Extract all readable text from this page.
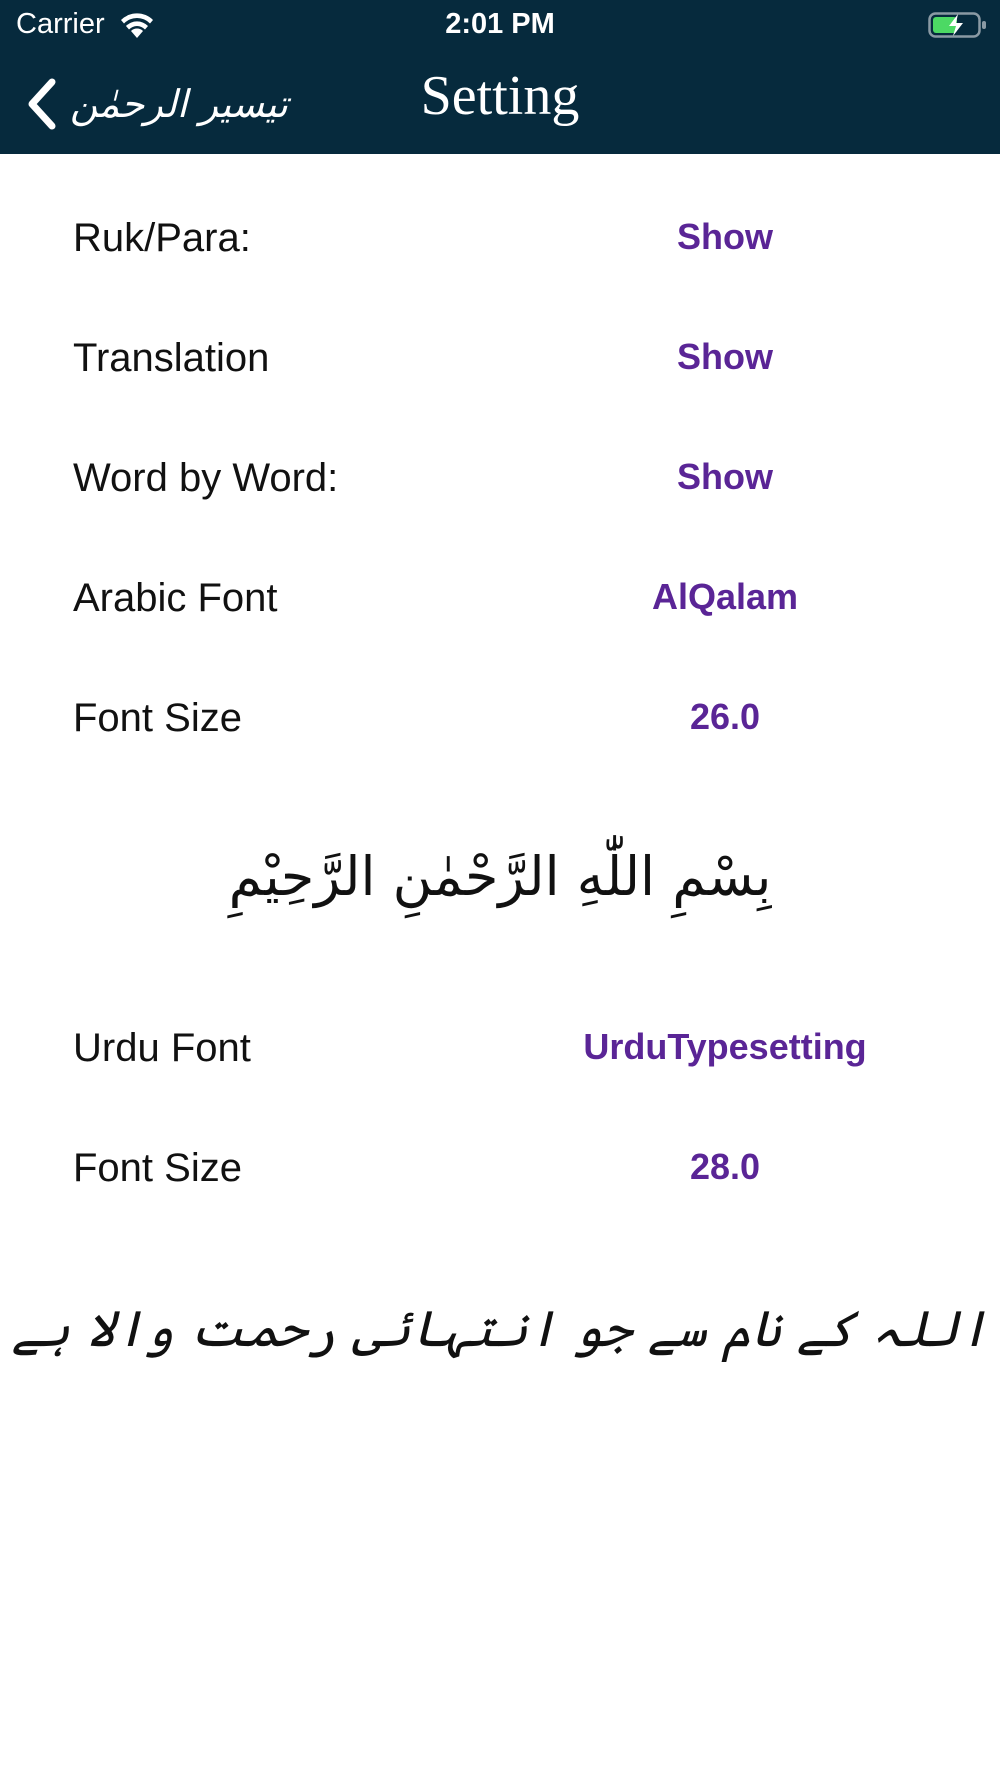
Carrier	2:01 PM
تیسیر الرحمٰن	Setting
Ruk/Para:	Show
Translation	Show
Word by Word:	Show
Arabic Font	AlQalam
Font Size	26.0
بِسْمِ اللّٰهِ الرَّحْمٰنِ الرَّحِيْمِ
Urdu Font	UrduTypesetting
Font Size	28.0
اللہ کے نام سے جو انتہائی رحمت والا ہے
